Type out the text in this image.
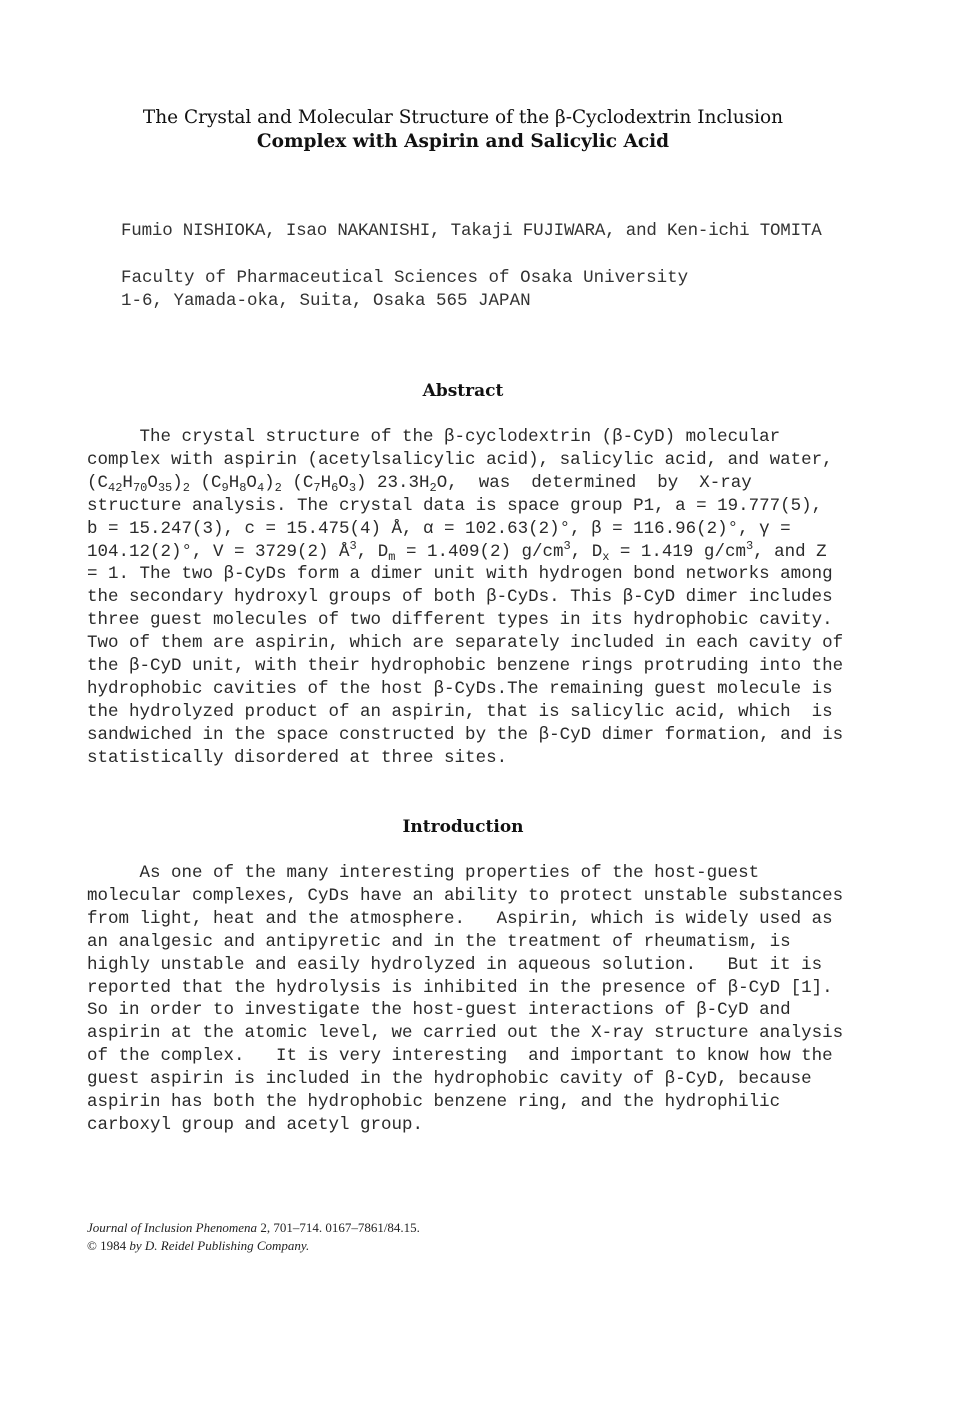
The Crystal and Molecular Structure of the β-Cyclodextrin Inclusion
Complex with Aspirin and Salicylic Acid
Fumio NISHIOKA, Isao NAKANISHI, Takaji FUJIWARA, and Ken-ichi TOMITA
Faculty of Pharmaceutical Sciences of Osaka University
1-6, Yamada-oka, Suita, Osaka 565 JAPAN
Abstract
The crystal structure of the β-cyclodextrin (β-CyD) molecular
complex with aspirin (acetylsalicylic acid), salicylic acid, and water,
$(C_{42}H_{70}O_{35})_2$ $(C_9H_8O_4)_2$ $(C_7H_6O_3)$ $23.3H_2O$,  was  determined  by  X-ray
structure analysis. The crystal data is space group P1, a = 19.777(5),
b = 15.247(3), c = 15.475(4) Å, α = 102.63(2)°, β = 116.96(2)°, γ =
104.12(2)°, V = 3729(2) $Å^3$, $D_m = 1.409(2)$ $g/cm^3$, $D_x = 1.419$ $g/cm^3$, and Z
= 1. The two β-CyDs form a dimer unit with hydrogen bond networks among
the secondary hydroxyl groups of both β-CyDs. This β-CyD dimer includes
three guest molecules of two different types in its hydrophobic cavity.
Two of them are aspirin, which are separately included in each cavity of
the β-CyD unit, with their hydrophobic benzene rings protruding into the
hydrophobic cavities of the host β-CyDs.The remaining guest molecule is
the hydrolyzed product of an aspirin, that is salicylic acid, which  is
sandwiched in the space constructed by the β-CyD dimer formation, and is
statistically disordered at three sites.
Introduction
As one of the many interesting properties of the host-guest
molecular complexes, CyDs have an ability to protect unstable substances
from light, heat and the atmosphere.   Aspirin, which is widely used as
an analgesic and antipyretic and in the treatment of rheumatism, is
highly unstable and easily hydrolyzed in aqueous solution.   But it is
reported that the hydrolysis is inhibited in the presence of β-CyD [1].
So in order to investigate the host-guest interactions of β-CyD and
aspirin at the atomic level, we carried out the X-ray structure analysis
of the complex.   It is very interesting  and important to know how the
guest aspirin is included in the hydrophobic cavity of β-CyD, because
aspirin has both the hydrophobic benzene ring, and the hydrophilic
carboxyl group and acetyl group.
Journal of Inclusion Phenomena 2, 701–714. 0167–7861/84.15.
© 1984 by D. Reidel Publishing Company.
